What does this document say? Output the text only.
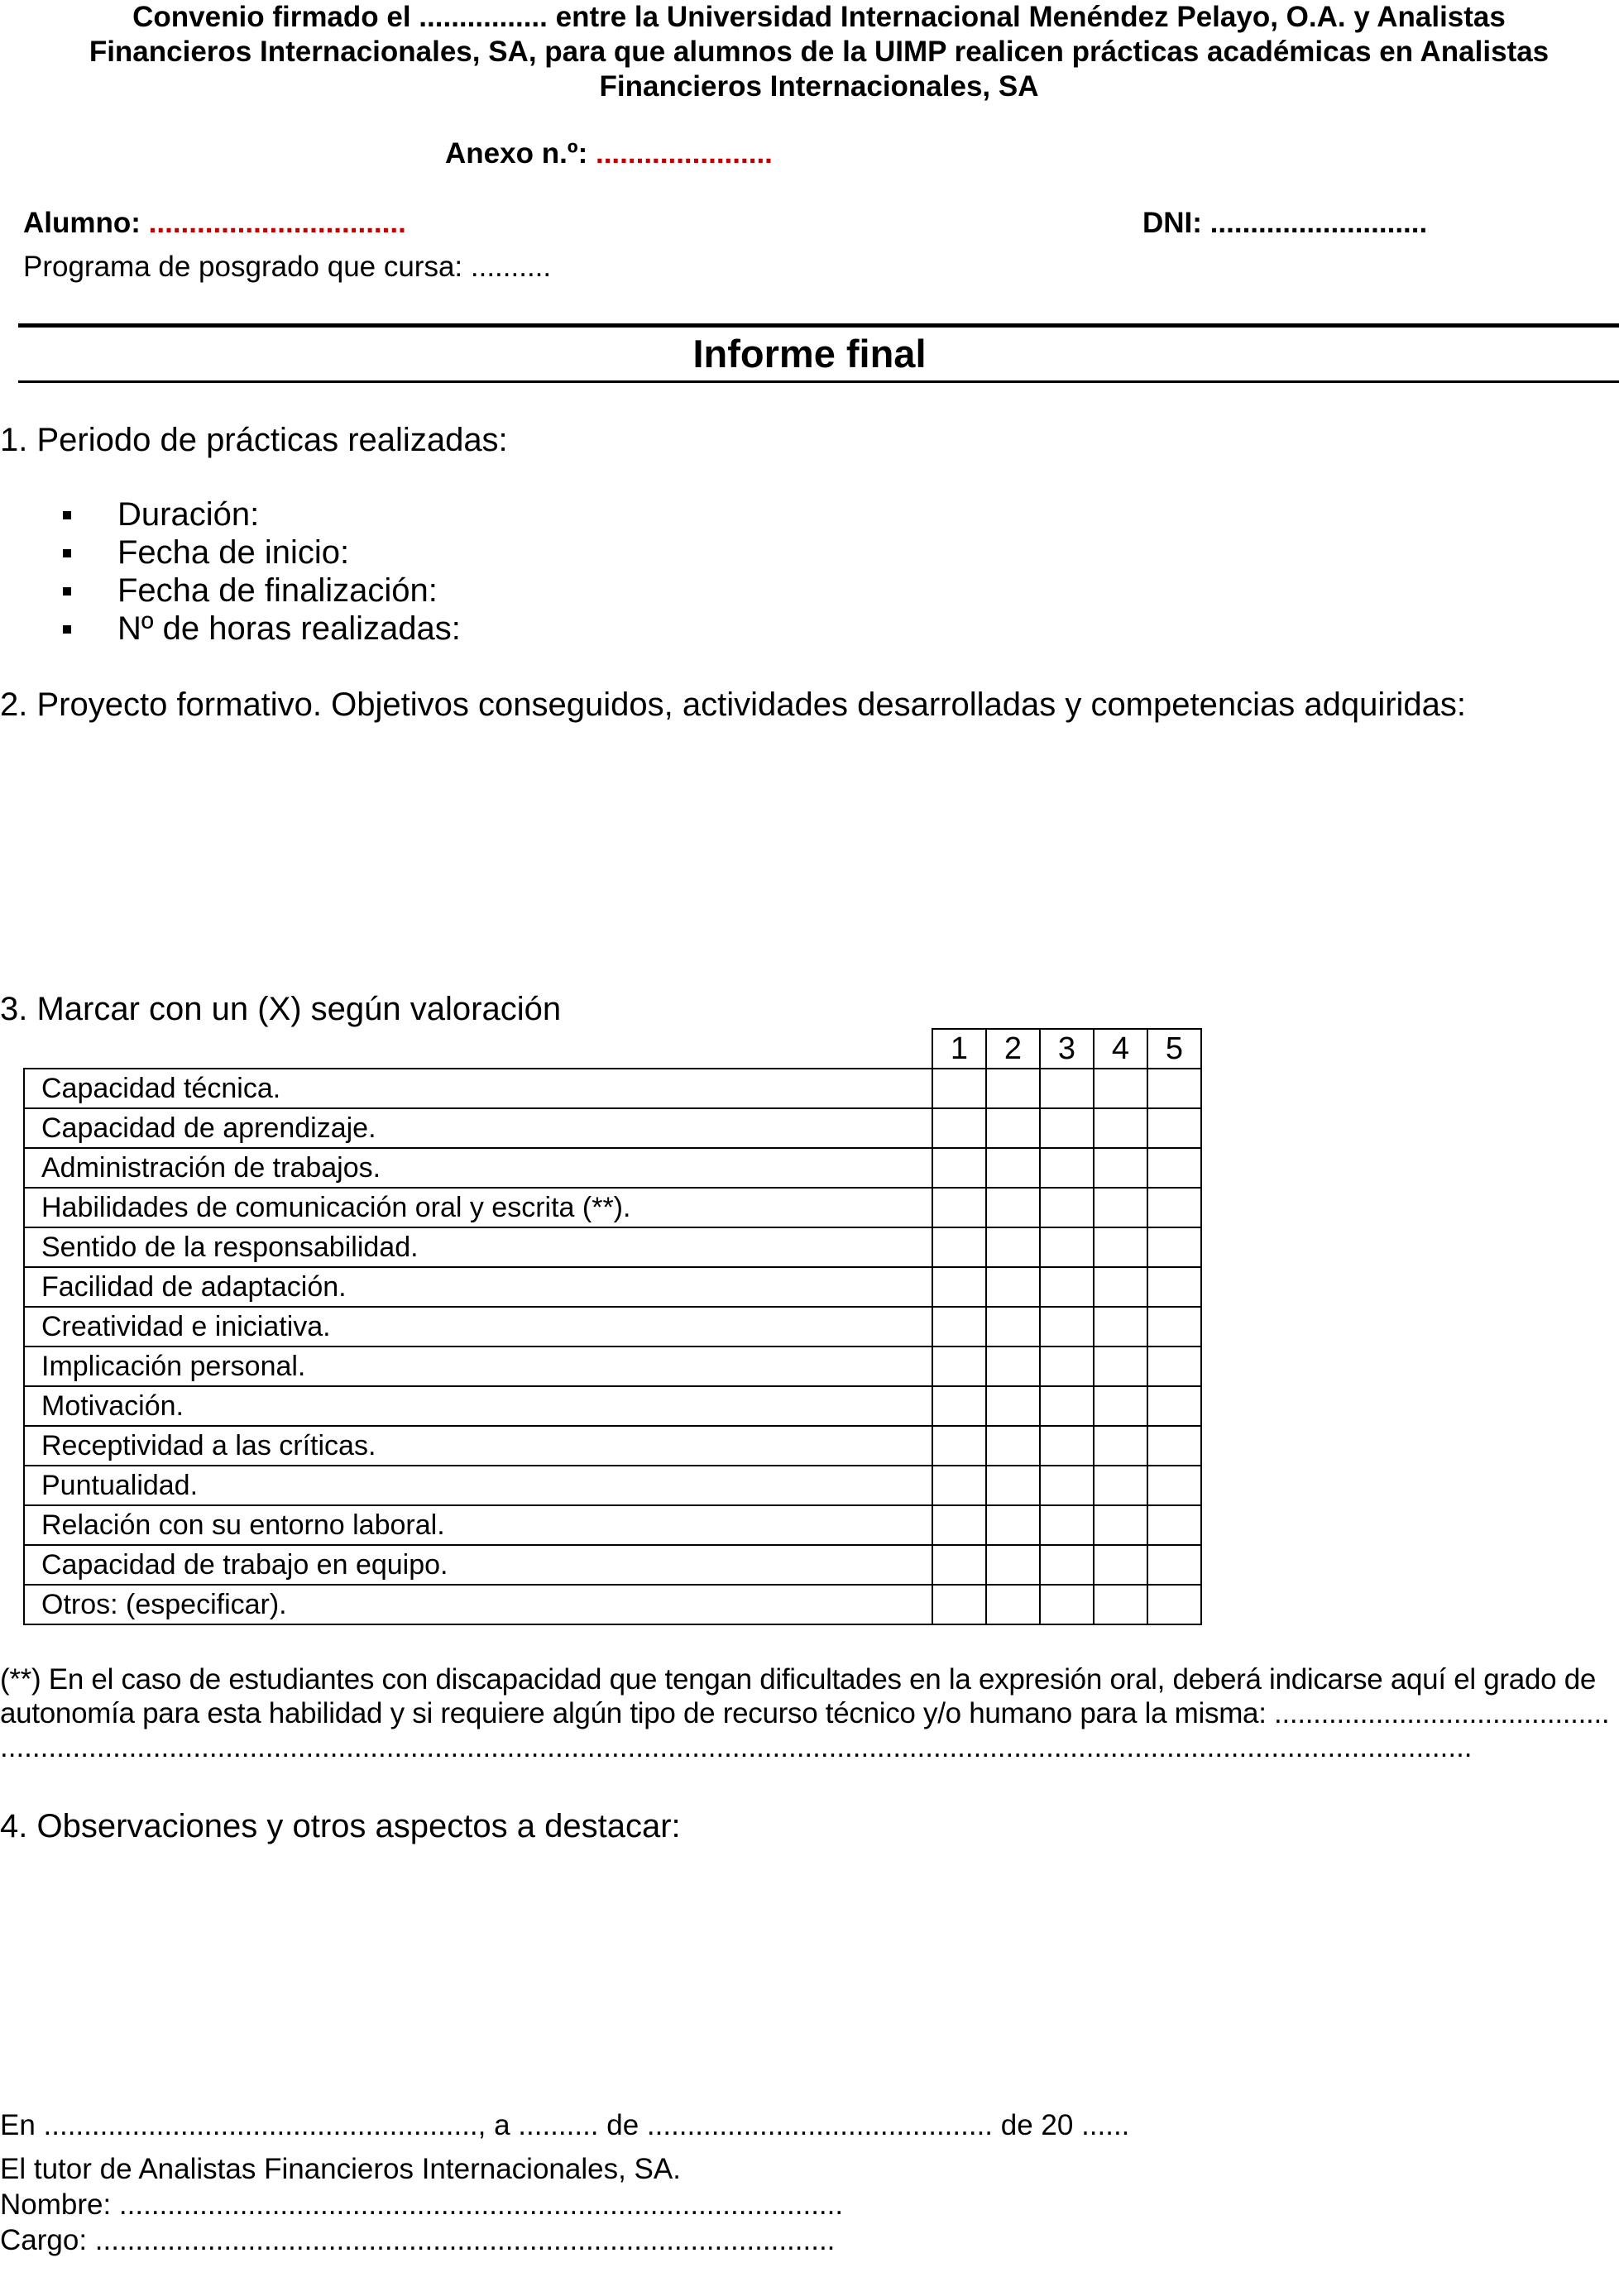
Convenio firmado el ................ entre la Universidad Internacional Menéndez Pelayo, O.A. y Analistas
Financieros Internacionales, SA, para que alumnos de la UIMP realicen prácticas académicas en Analistas
Financieros Internacionales, SA
Anexo n.º: ......................
Alumno: ................................	DNI: ...........................
Programa de posgrado que cursa: ..........
Informe final
1. Periodo de prácticas realizadas:
Duración:
Fecha de inicio:
Fecha de finalización:
Nº de horas realizadas:
2. Proyecto formativo. Objetivos conseguidos, actividades desarrolladas y competencias adquiridas:
3. Marcar con un (X) según valoración
	1	2	3	4	5
Capacidad técnica.					
Capacidad de aprendizaje.					
Administración de trabajos.					
Habilidades de comunicación oral y escrita (**).					
Sentido de la responsabilidad.					
Facilidad de adaptación.					
Creatividad e iniciativa.					
Implicación personal.					
Motivación.					
Receptividad a las críticas.					
Puntualidad.					
Relación con su entorno laboral.					
Capacidad de trabajo en equipo.					
Otros: (especificar).					
(**) En el caso de estudiantes con discapacidad que tengan dificultades en la expresión oral, deberá indicarse aquí el grado de
autonomía para esta habilidad y si requiere algún tipo de recurso técnico y/o humano para la misma: ...........................................
.......................................................................................................................................................................................
4. Observaciones y otros aspectos a destacar:
En ......................................................, a .......... de ........................................... de 20 ......
El tutor de Analistas Financieros Internacionales, SA.
Nombre: ..........................................................................................
Cargo: ............................................................................................
